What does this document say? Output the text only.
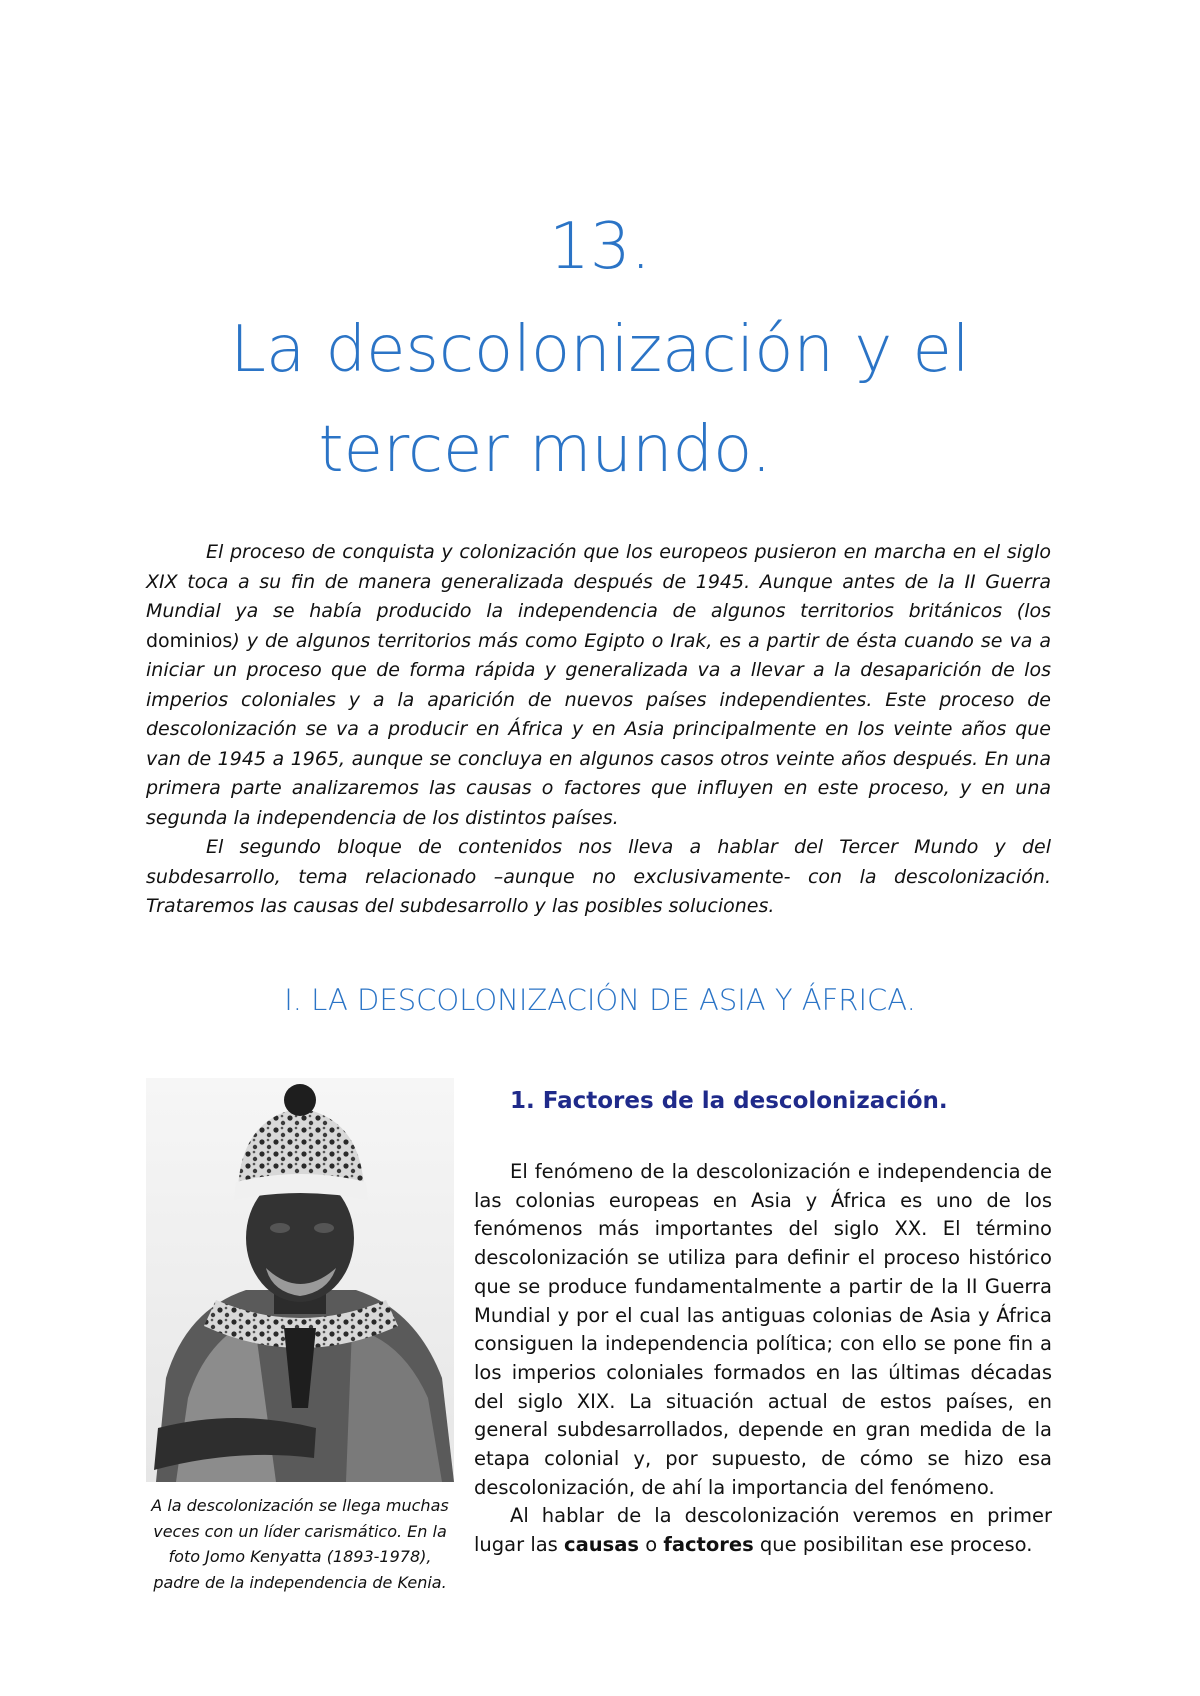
13.
La descolonización y el
tercer mundo.

El proceso de conquista y colonización que los europeos pusieron en marcha en el siglo XIX toca a su fin de manera generalizada después de 1945. Aunque antes de la II Guerra Mundial ya se había producido la independencia de algunos territorios británicos (los dominios) y de algunos territorios más como Egipto o Irak, es a partir de ésta cuando se va a iniciar un proceso que de forma rápida y generalizada va a llevar a la desaparición de los imperios coloniales y a la aparición de nuevos países independientes. Este proceso de descolonización se va a producir en África y en Asia principalmente en los veinte años que van de 1945 a 1965, aunque se concluya en algunos casos otros veinte años después. En una primera parte analizaremos las causas o factores que influyen en este proceso, y en una segunda la independencia de los distintos países.

El segundo bloque de contenidos nos lleva a hablar del Tercer Mundo y del subdesarrollo, tema relacionado –aunque no exclusivamente- con la descolonización. Trataremos las causas del subdesarrollo y las posibles soluciones.

I. LA DESCOLONIZACIÓN DE ASIA Y ÁFRICA.

A la descolonización se llega muchas veces con un líder carismático. En la foto Jomo Kenyatta (1893-1978), padre de la independencia de Kenia.

1. Factores de la descolonización.

El fenómeno de la descolonización e independencia de las colonias europeas en Asia y África es uno de los fenómenos más importantes del siglo XX. El término descolonización se utiliza para definir el proceso histórico que se produce fundamentalmente a partir de la II Guerra Mundial y por el cual las antiguas colonias de Asia y África consiguen la independencia política; con ello se pone fin a los imperios coloniales formados en las últimas décadas del siglo XIX. La situación actual de estos países, en general subdesarrollados, depende en gran medida de la etapa colonial y, por supuesto, de cómo se hizo esa descolonización, de ahí la importancia del fenómeno.

Al hablar de la descolonización veremos en primer lugar las causas o factores que posibilitan ese proceso.
